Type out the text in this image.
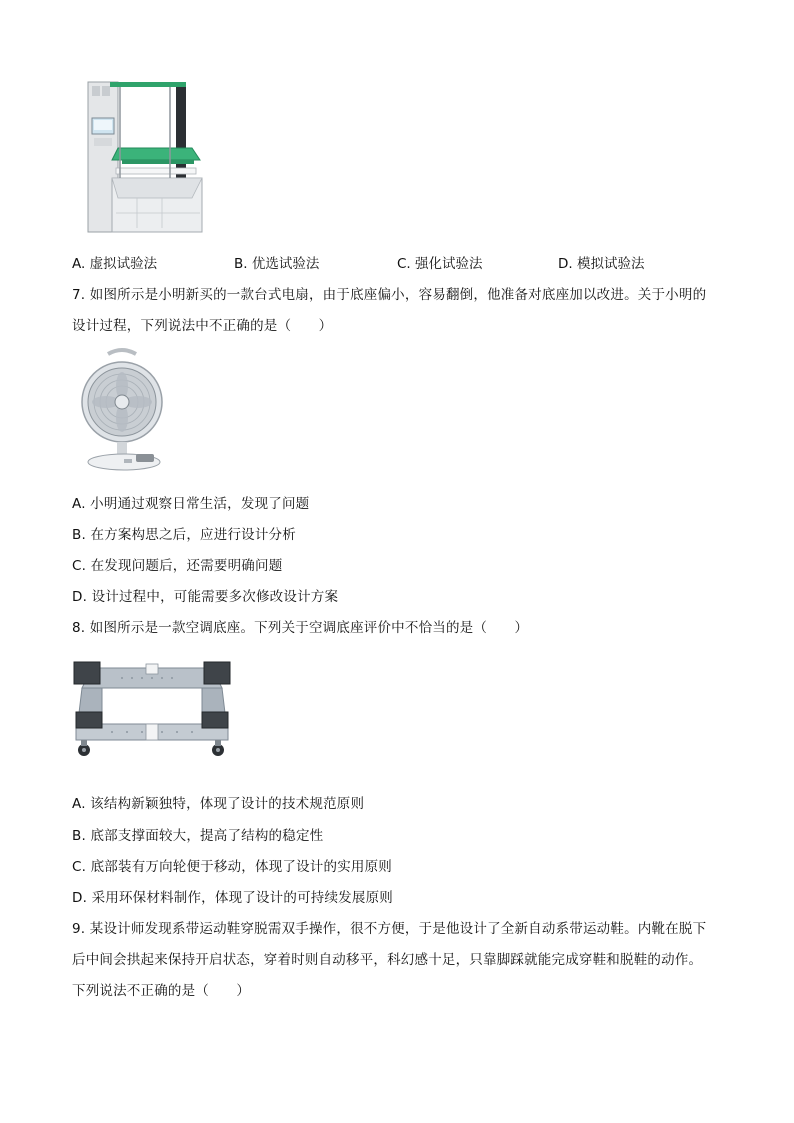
A. 虚拟试验法	B. 优选试验法	C. 强化试验法	D. 模拟试验法
7. 如图所示是小明新买的一款台式电扇，由于底座偏小，容易翻倒，他准备对底座加以改进。关于小明的
设计过程，下列说法中不正确的是（　　）
A. 小明通过观察日常生活，发现了问题
B. 在方案构思之后，应进行设计分析
C. 在发现问题后，还需要明确问题
D. 设计过程中，可能需要多次修改设计方案
8. 如图所示是一款空调底座。下列关于空调底座评价中不恰当的是（　　）
A. 该结构新颖独特，体现了设计的技术规范原则
B. 底部支撑面较大，提高了结构的稳定性
C. 底部装有万向轮便于移动，体现了设计的实用原则
D. 采用环保材料制作，体现了设计的可持续发展原则
9. 某设计师发现系带运动鞋穿脱需双手操作，很不方便，于是他设计了全新自动系带运动鞋。内靴在脱下
后中间会拱起来保持开启状态，穿着时则自动移平，科幻感十足，只靠脚踩就能完成穿鞋和脱鞋的动作。
下列说法不正确的是（　　）
